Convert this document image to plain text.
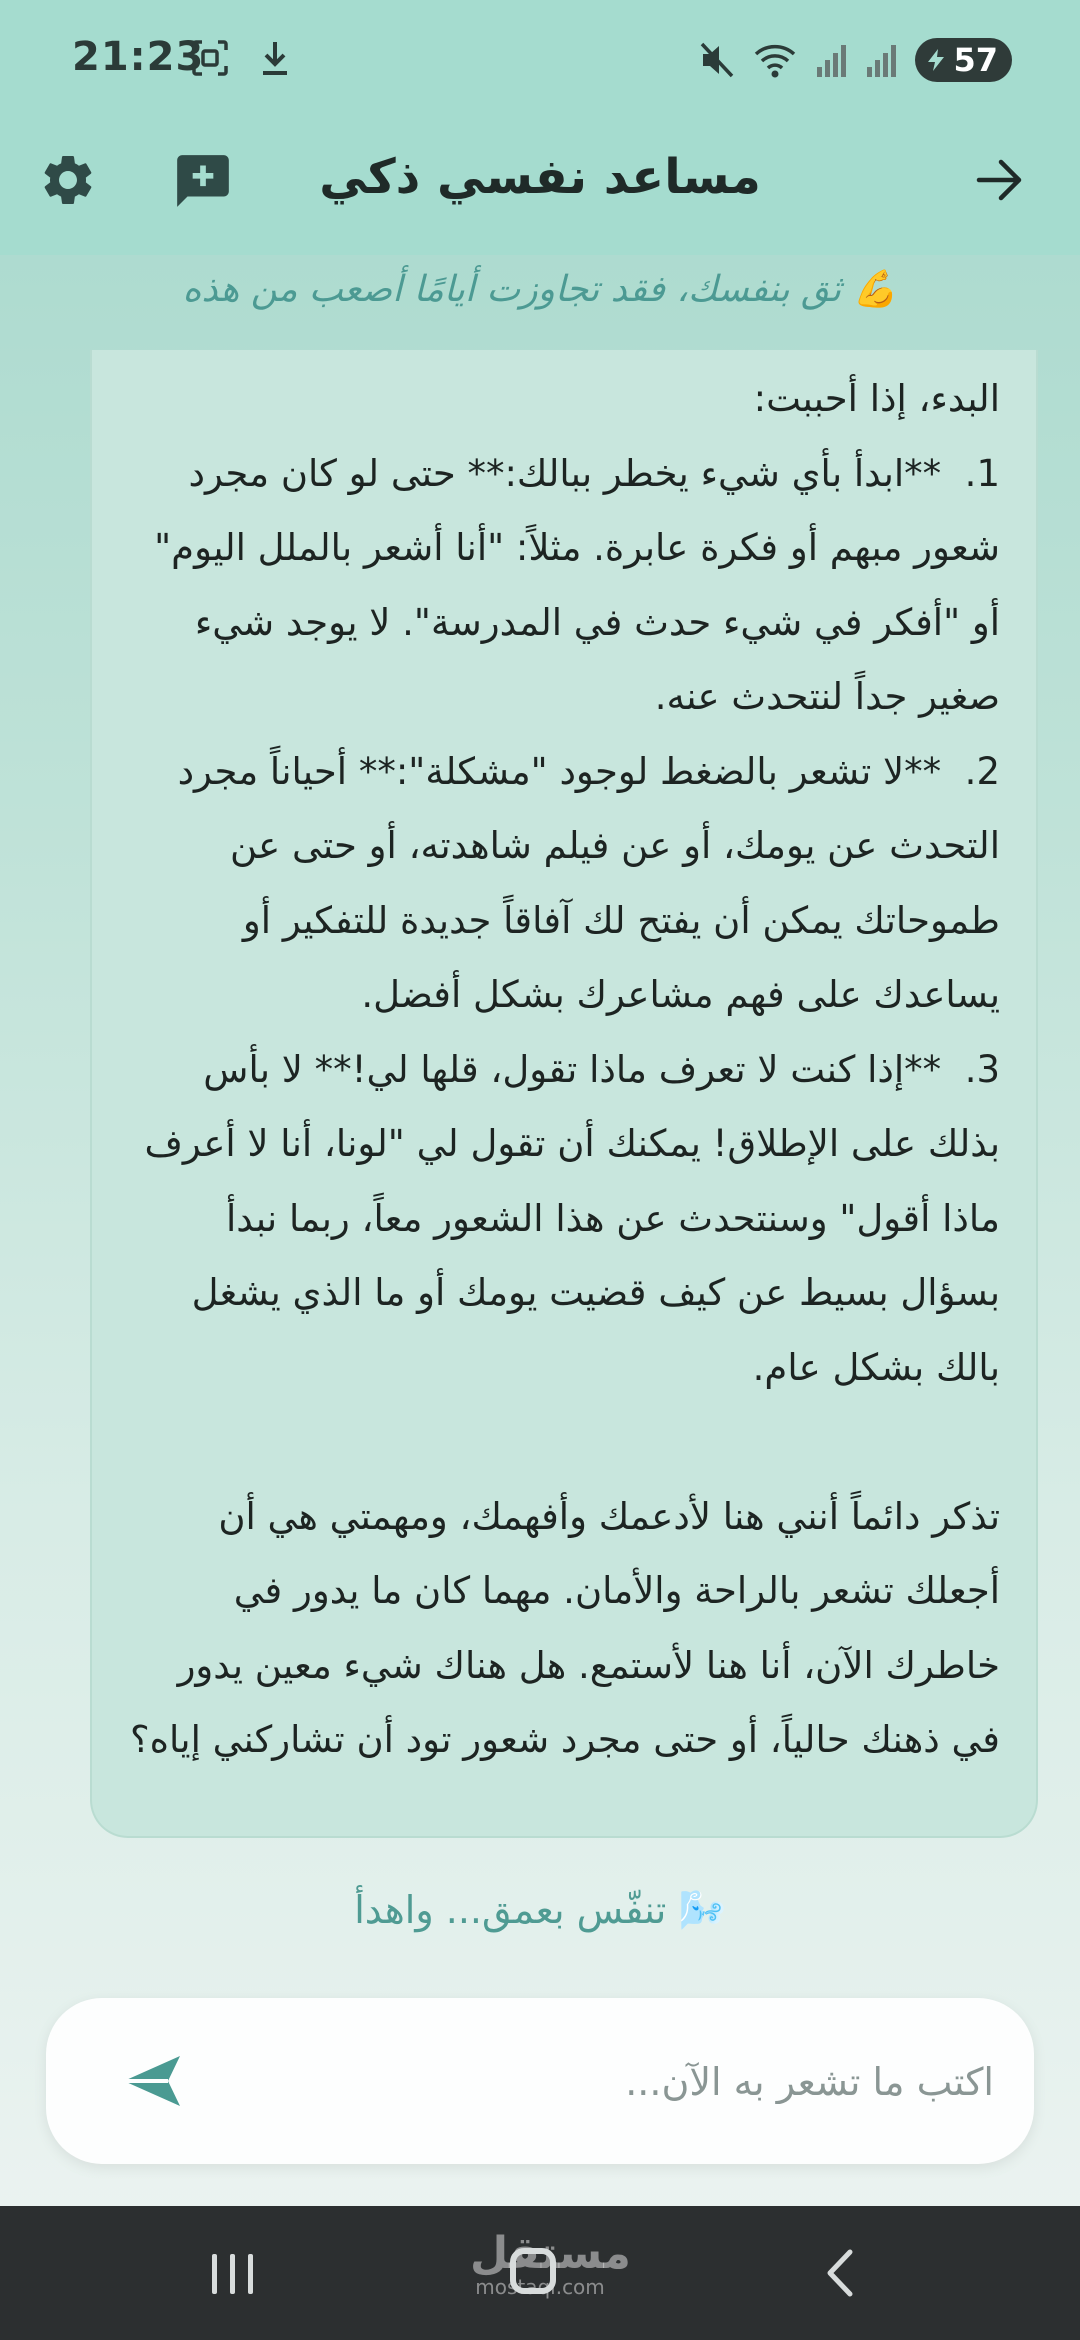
21:23	57
مساعد نفسي ذكي
ثق بنفسك، فقد تجاوزت أيامًا أصعب من هذه 💪
البدء، إذا أحببت:
1.  **ابدأ بأي شيء يخطر ببالك:** حتى لو كان مجرد شعور مبهم أو فكرة عابرة. مثلاً: "أنا أشعر بالملل اليوم" أو "أفكر في شيء حدث في المدرسة". لا يوجد شيء صغير جداً لنتحدث عنه.
2.  **لا تشعر بالضغط لوجود "مشكلة":** أحياناً مجرد التحدث عن يومك، أو عن فيلم شاهدته، أو حتى عن طموحاتك يمكن أن يفتح لك آفاقاً جديدة للتفكير أو يساعدك على فهم مشاعرك بشكل أفضل.
3.  **إذا كنت لا تعرف ماذا تقول، قلها لي!** لا بأس بذلك على الإطلاق! يمكنك أن تقول لي "لونا، أنا لا أعرف ماذا أقول" وسنتحدث عن هذا الشعور معاً، ربما نبدأ بسؤال بسيط عن كيف قضيت يومك أو ما الذي يشغل بالك بشكل عام.

تذكر دائماً أنني هنا لأدعمك وأفهمك، ومهمتي هي أن أجعلك تشعر بالراحة والأمان. مهما كان ما يدور في خاطرك الآن، أنا هنا لأستمع. هل هناك شيء معين يدور في ذهنك حالياً، أو حتى مجرد شعور تود أن تشاركني إياه؟
تنفّس بعمق... واهدأ 🌬️
اكتب ما تشعر به الآن...
مستقل
mostaql.com
